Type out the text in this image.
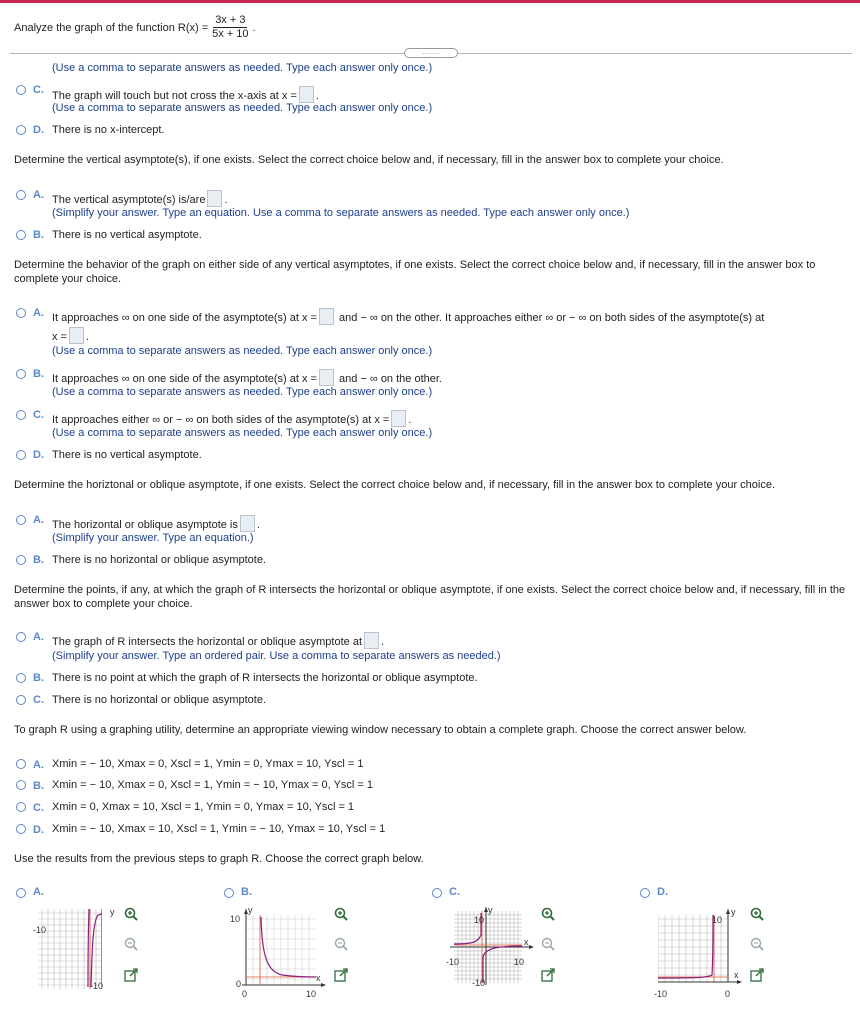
Analyze the graph of the function $R(x) = \frac{3x + 3}{5x + 10}$ .
......
(Use a comma to separate answers as needed. Type each answer only once.)
C. The graph will touch but not cross the x-axis at x = .
(Use a comma to separate answers as needed. Type each answer only once.)
D. There is no x-intercept.
Determine the vertical asymptote(s), if one exists. Select the correct choice below and, if necessary, fill in the answer box to complete your choice.
A. The vertical asymptote(s) is/are .
(Simplify your answer. Type an equation. Use a comma to separate answers as needed. Type each answer only once.)
B. There is no vertical asymptote.
Determine the behavior of the graph on either side of any vertical asymptotes, if one exists. Select the correct choice below and, if necessary, fill in the answer box to complete your choice.
A. It approaches ∞ on one side of the asymptote(s) at x = and − ∞ on the other. It approaches either ∞ or − ∞ on both sides of the asymptote(s) at
x = .
(Use a comma to separate answers as needed. Type each answer only once.)
B. It approaches ∞ on one side of the asymptote(s) at x = and − ∞ on the other.
(Use a comma to separate answers as needed. Type each answer only once.)
C. It approaches either ∞ or − ∞ on both sides of the asymptote(s) at x = .
(Use a comma to separate answers as needed. Type each answer only once.)
D. There is no vertical asymptote.
Determine the horiztonal or oblique asymptote, if one exists. Select the correct choice below and, if necessary, fill in the answer box to complete your choice.
A. The horizontal or oblique asymptote is .
(Simplify your answer. Type an equation.)
B. There is no horizontal or oblique asymptote.
Determine the points, if any, at which the graph of R intersects the horizontal or oblique asymptote, if one exists. Select the correct choice below and, if necessary, fill in the answer box to complete your choice.
A. The graph of R intersects the horizontal or oblique asymptote at .
(Simplify your answer. Type an ordered pair. Use a comma to separate answers as needed.)
B. There is no point at which the graph of R intersects the horizontal or oblique asymptote.
C. There is no horizontal or oblique asymptote.
To graph R using a graphing utility, determine an appropriate viewing window necessary to obtain a complete graph. Choose the correct answer below.
A. Xmin = − 10, Xmax = 0, Xscl = 1, Ymin = 0, Ymax = 10, Yscl = 1
B. Xmin = − 10, Xmax = 0, Xscl = 1, Ymin = − 10, Ymax = 0, Yscl = 1
C. Xmin = 0, Xmax = 10, Xscl = 1, Ymin = 0, Ymax = 10, Yscl = 1
D. Xmin = − 10, Xmax = 10, Xscl = 1, Ymin = − 10, Ymax = 10, Yscl = 1
Use the results from the previous steps to graph R. Choose the correct graph below.
A.
-10
-10
y
B.
10
y
0
0	10
x
C.
10
y
-10	10
x
-10
D.
10
y
-10	0
x
